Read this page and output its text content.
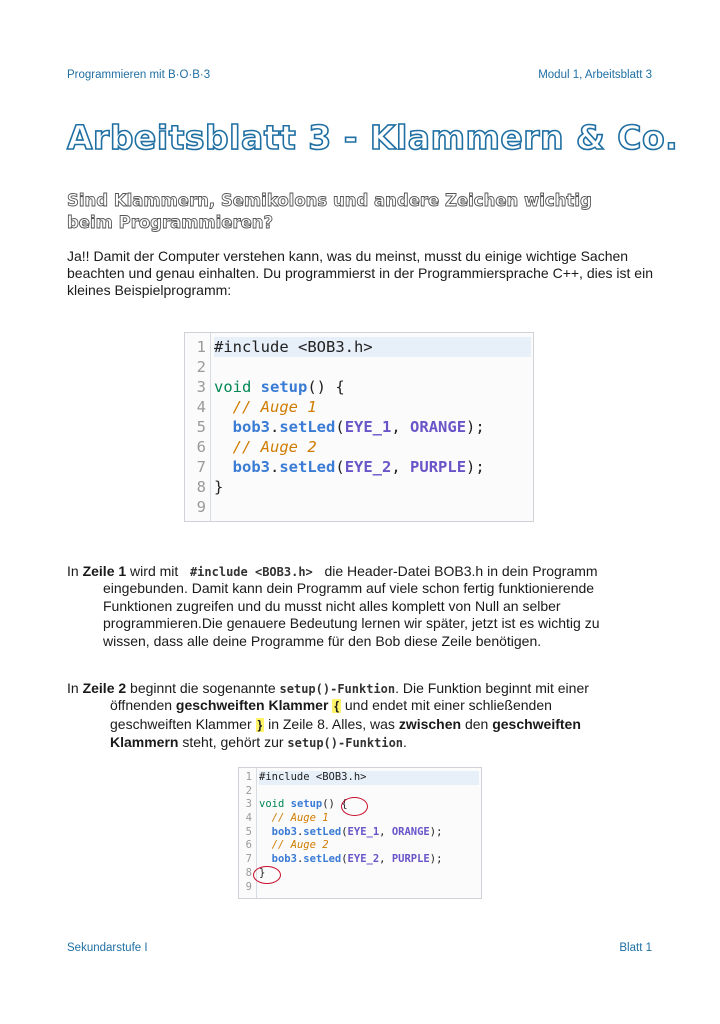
Programmieren mit B·O·B·3	Modul 1, Arbeitsblatt 3
Arbeitsblatt 3 - Klammern & Co.
Sind Klammern, Semikolons und andere Zeichen wichtig beim Programmieren?

Ja!! Damit der Computer verstehen kann, was du meinst, musst du einige wichtige Sachen beachten und genau einhalten. Du programmierst in der Programmiersprache C++, dies ist ein kleines Beispielprogramm:

1 #include <BOB3.h>
2
3 void setup() {
4	// Auge 1
5	bob3.setLed(EYE_1, ORANGE);
6	// Auge 2
7	bob3.setLed(EYE_2, PURPLE);
8 }
9

In Zeile 1 wird mit   #include <BOB3.h>   die Header-Datei BOB3.h in dein Programm

eingebunden. Damit kann dein Programm auf viele schon fertig funktionierende Funktionen zugreifen und du musst nicht alles komplett von Null an selber programmieren.Die genauere Bedeutung lernen wir später, jetzt ist es wichtig zu wissen, dass alle deine Programme für den Bob diese Zeile benötigen.

In Zeile 2 beginnt die sogenannte setup()-Funktion. Die Funktion beginnt mit einer

öffnenden geschweiften Klammer { und endet mit einer schließenden geschweiften Klammer } in Zeile 8. Alles, was zwischen den geschweiften Klammern steht, gehört zur setup()-Funktion.

1 #include <BOB3.h>
2
3 void setup() {
4	// Auge 1
5	bob3.setLed(EYE_1, ORANGE);
6	// Auge 2
7	bob3.setLed(EYE_2, PURPLE);
8 }
9
Sekundarstufe I	Blatt 1
